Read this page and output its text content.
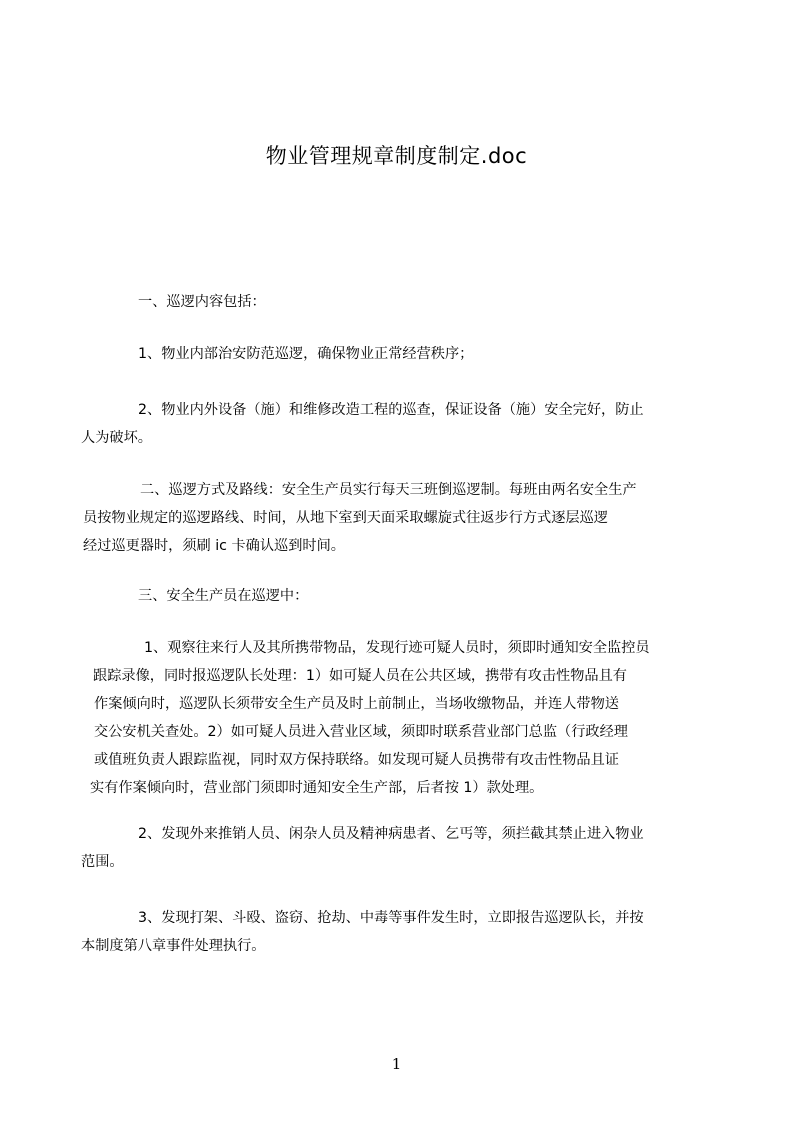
物业管理规章制度制定.doc
一、巡逻内容包括：
1、物业内部治安防范巡逻，确保物业正常经营秩序；
2、物业内外设备（施）和维修改造工程的巡查，保证设备（施）安全完好，防止
人为破坏。
二、巡逻方式及路线：安全生产员实行每天三班倒巡逻制。每班由两名安全生产
员按物业规定的巡逻路线、时间，从地下室到天面采取螺旋式往返步行方式逐层巡逻
经过巡更器时，须刷 ic 卡确认巡到时间。
三、安全生产员在巡逻中：
1、观察往来行人及其所携带物品，发现行迹可疑人员时，须即时通知安全监控员
跟踪录像，同时报巡逻队长处理：1）如可疑人员在公共区域，携带有攻击性物品且有
作案倾向时，巡逻队长须带安全生产员及时上前制止，当场收缴物品，并连人带物送
交公安机关查处。2）如可疑人员进入营业区域，须即时联系营业部门总监（行政经理
或值班负责人跟踪监视，同时双方保持联络。如发现可疑人员携带有攻击性物品且证
实有作案倾向时，营业部门须即时通知安全生产部，后者按 1）款处理。
2、发现外来推销人员、闲杂人员及精神病患者、乞丐等，须拦截其禁止进入物业
范围。
3、发现打架、斗殴、盗窃、抢劫、中毒等事件发生时，立即报告巡逻队长，并按
本制度第八章事件处理执行。
1
